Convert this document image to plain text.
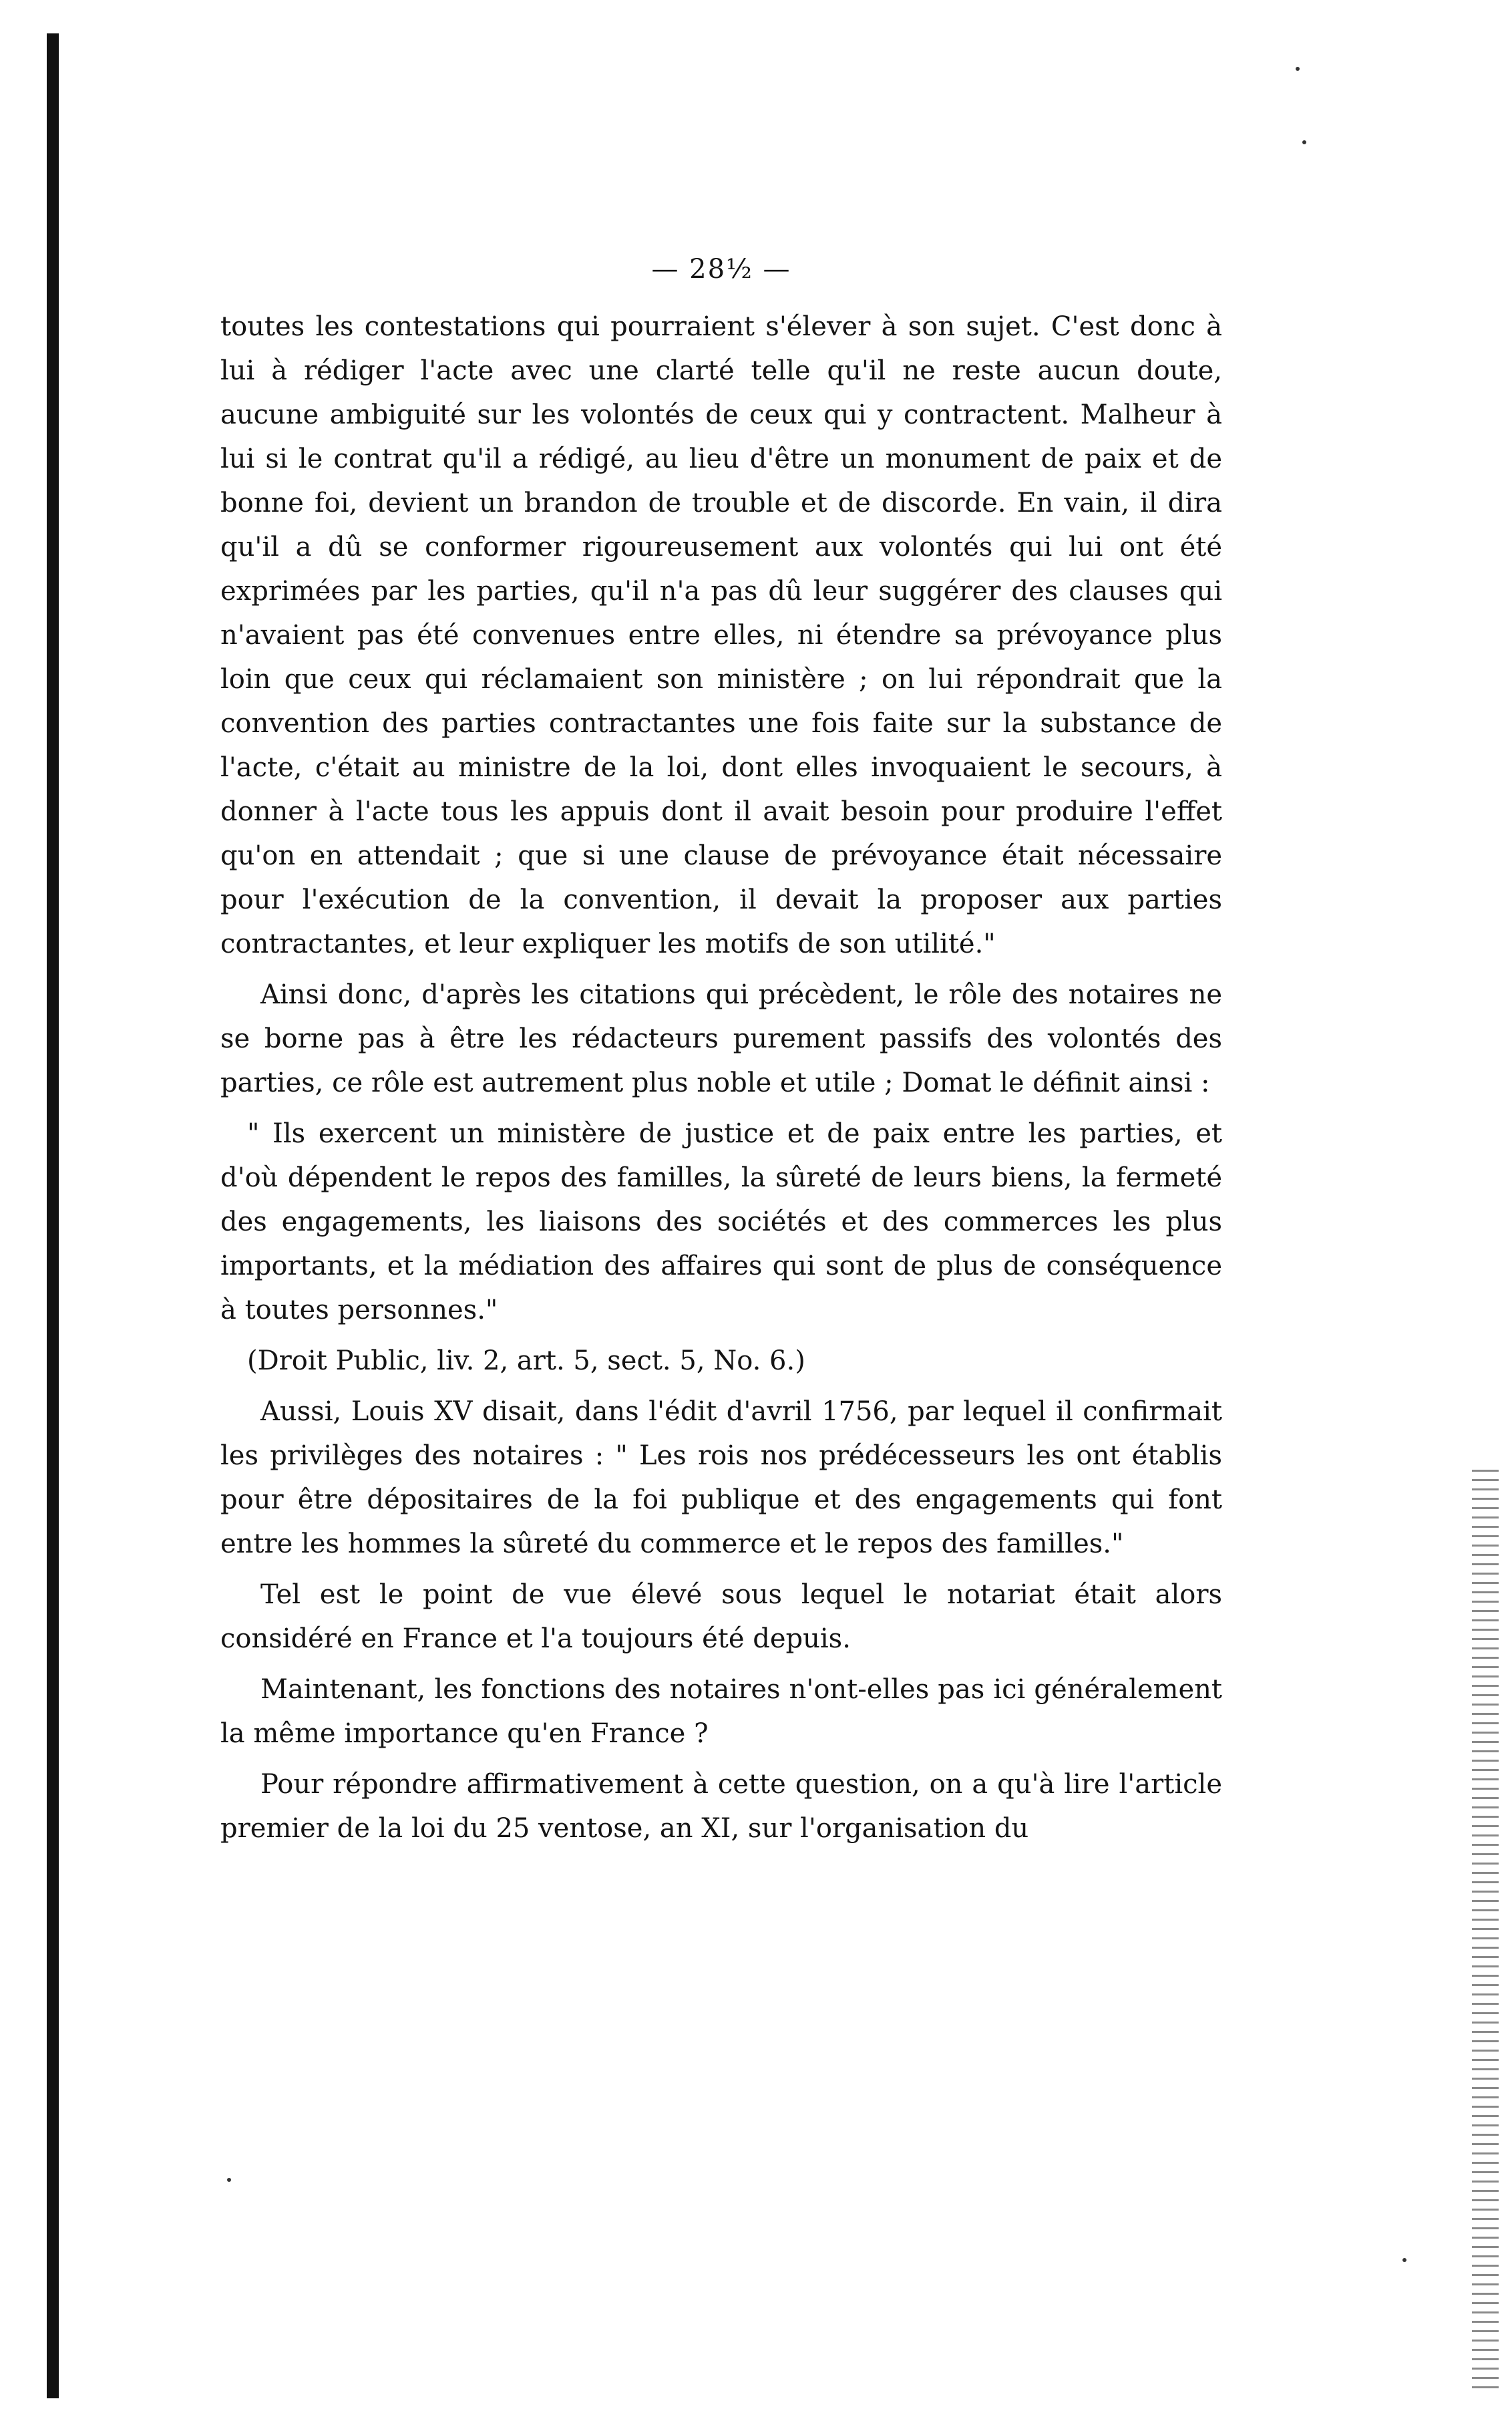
— 28½ —

toutes les contestations qui pourraient s'élever à son sujet. C'est donc à lui à rédiger l'acte avec une clarté telle qu'il ne reste aucun doute, aucune ambiguité sur les volontés de ceux qui y contractent. Malheur à lui si le contrat qu'il a rédigé, au lieu d'être un monument de paix et de bonne foi, devient un brandon de trouble et de discorde. En vain, il dira qu'il a dû se conformer rigoureusement aux volontés qui lui ont été exprimées par les parties, qu'il n'a pas dû leur suggérer des clauses qui n'avaient pas été convenues entre elles, ni étendre sa prévoyance plus loin que ceux qui réclamaient son ministère ; on lui répondrait que la convention des parties contractantes une fois faite sur la substance de l'acte, c'était au ministre de la loi, dont elles invoquaient le secours, à donner à l'acte tous les appuis dont il avait besoin pour produire l'effet qu'on en attendait ; que si une clause de prévoyance était nécessaire pour l'exécution de la convention, il devait la proposer aux parties contractantes, et leur expliquer les motifs de son utilité."

Ainsi donc, d'après les citations qui précèdent, le rôle des notaires ne se borne pas à être les rédacteurs purement passifs des volontés des parties, ce rôle est autrement plus noble et utile ; Domat le définit ainsi :

" Ils exercent un ministère de justice et de paix entre les parties, et d'où dépendent le repos des familles, la sûreté de leurs biens, la fermeté des engagements, les liaisons des sociétés et des commerces les plus importants, et la médiation des affaires qui sont de plus de conséquence à toutes personnes."

(Droit Public, liv. 2, art. 5, sect. 5, No. 6.)

Aussi, Louis XV disait, dans l'édit d'avril 1756, par lequel il confirmait les privilèges des notaires : " Les rois nos prédécesseurs les ont établis pour être dépositaires de la foi publique et des engagements qui font entre les hommes la sûreté du commerce et le repos des familles."

Tel est le point de vue élevé sous lequel le notariat était alors considéré en France et l'a toujours été depuis.

Maintenant, les fonctions des notaires n'ont-elles pas ici généralement la même importance qu'en France ?

Pour répondre affirmativement à cette question, on a qu'à lire l'article premier de la loi du 25 ventose, an XI, sur l'organisation du
